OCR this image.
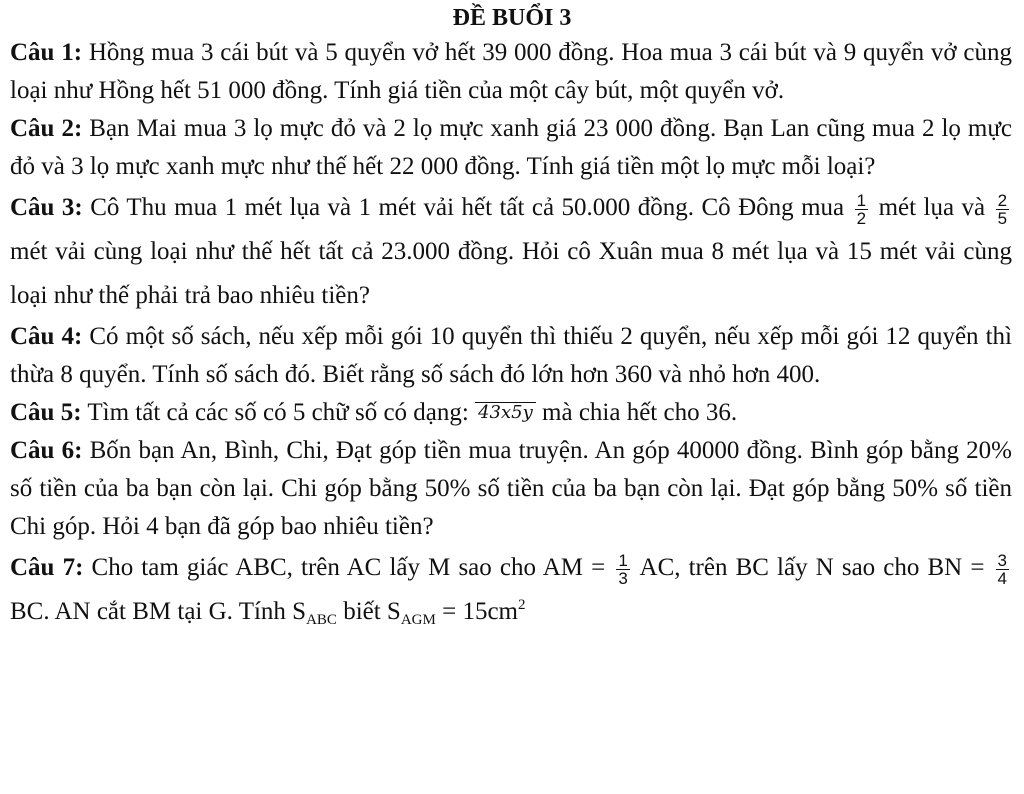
ĐỀ BUỔI 3

Câu 1: Hồng mua 3 cái bút và 5 quyển vở hết 39 000 đồng. Hoa mua 3 cái bút và 9 quyển vở cùng loại như Hồng hết 51 000 đồng. Tính giá tiền của một cây bút, một quyển vở.

Câu 2: Bạn Mai mua 3 lọ mực đỏ và 2 lọ mực xanh giá 23 000 đồng. Bạn Lan cũng mua 2 lọ mực đỏ và 3 lọ mực xanh mực như thế hết 22 000 đồng. Tính giá tiền một lọ mực mỗi loại?

Câu 3: Cô Thu mua 1 mét lụa và 1 mét vải hết tất cả 50.000 đồng. Cô Đông mua $\frac{1}{2}$ mét lụa và $\frac{2}{5}$
mét vải cùng loại như thế hết tất cả 23.000 đồng. Hỏi cô Xuân mua 8 mét lụa và 15 mét vải cùng loại như thế phải trả bao nhiêu tiền?

Câu 4: Có một số sách, nếu xếp mỗi gói 10 quyển thì thiếu 2 quyển, nếu xếp mỗi gói 12 quyển thì thừa 8 quyển. Tính số sách đó. Biết rằng số sách đó lớn hơn 360 và nhỏ hơn 400.

Câu 5: Tìm tất cả các số có 5 chữ số có dạng: 43x5y mà chia hết cho 36.

Câu 6: Bốn bạn An, Bình, Chi, Đạt góp tiền mua truyện. An góp 40000 đồng. Bình góp bằng 20% số tiền của ba bạn còn lại. Chi góp bằng 50% số tiền của ba bạn còn lại. Đạt góp bằng 50% số tiền Chi góp. Hỏi 4 bạn đã góp bao nhiêu tiền?

Câu 7: Cho tam giác ABC, trên AC lấy M sao cho AM = $\frac{1}{3}$ AC, trên BC lấy N sao cho BN = $\frac{3}{4}$
BC. AN cắt BM tại G. Tính $S_{ABC}$ biết $S_{AGM} = 15cm^2$
